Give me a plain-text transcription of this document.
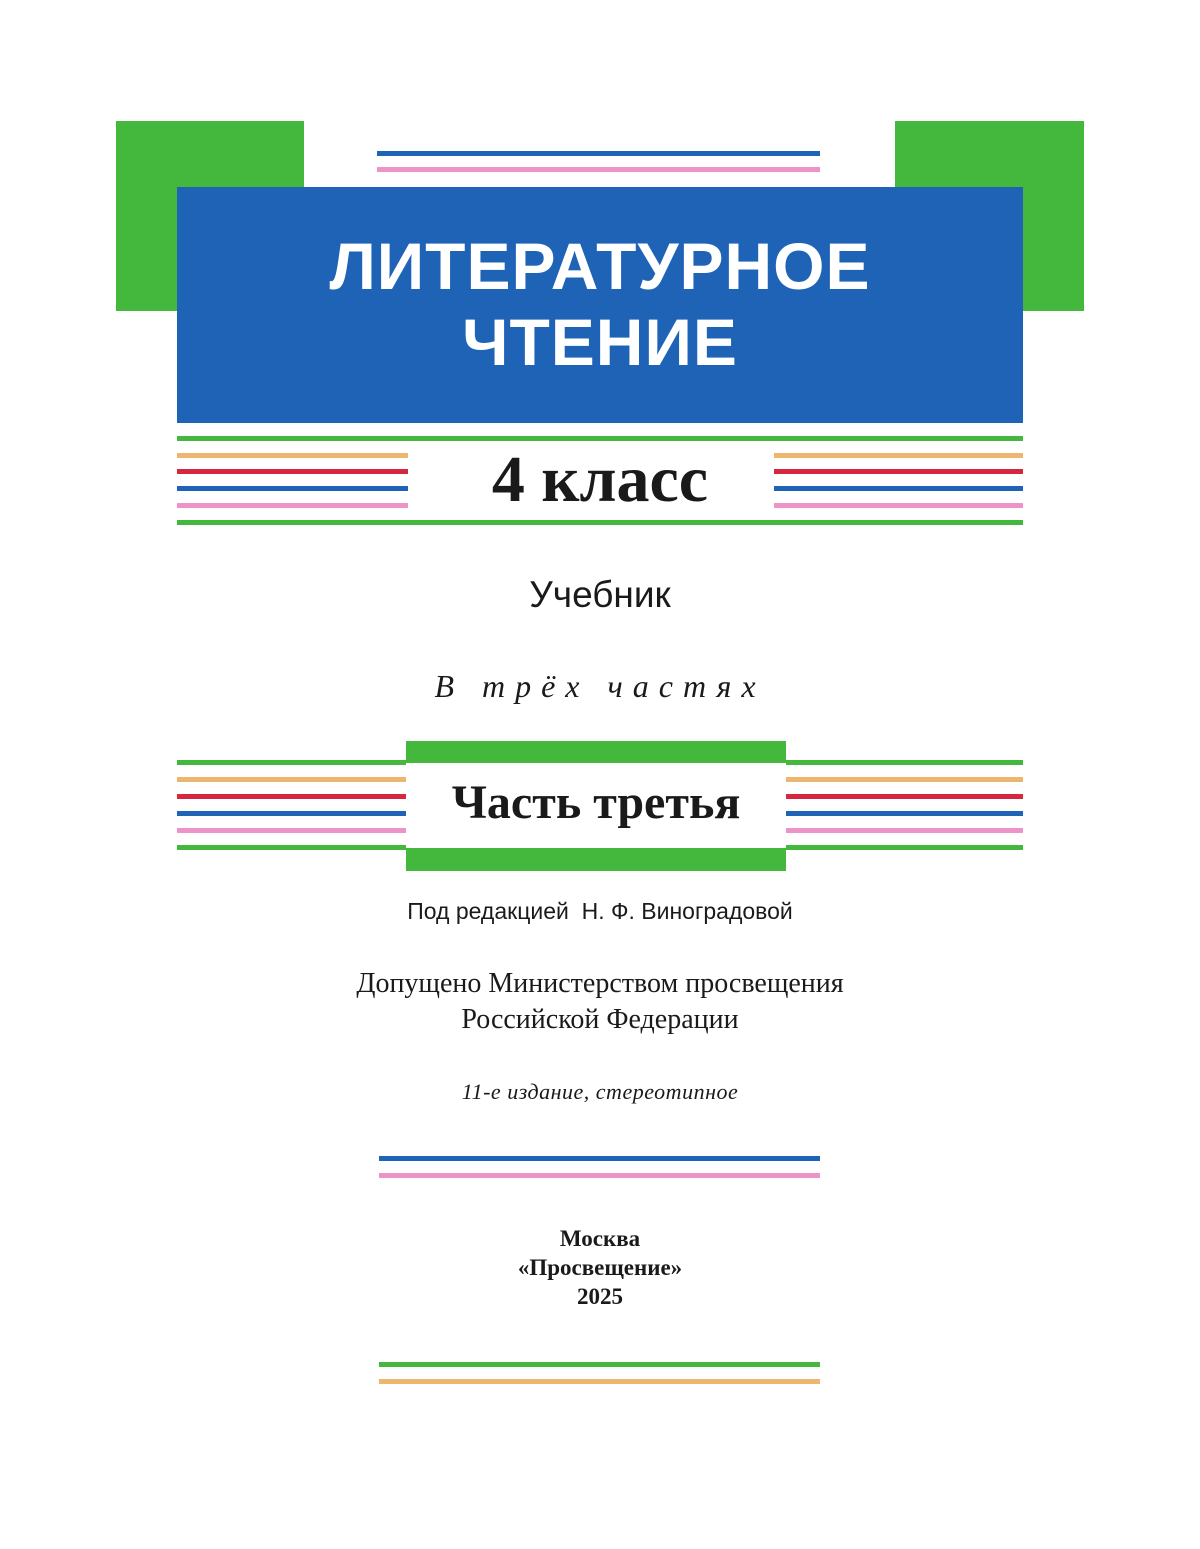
ЛИТЕРАТУРНОЕ
ЧТЕНИЕ
4 класс
Учебник
В трёх частях
Часть третья
Под редакцией  Н. Ф. Виноградовой
Допущено Министерством просвещения
Российской Федерации
11-е издание, стереотипное
Москва
«Просвещение»
2025
